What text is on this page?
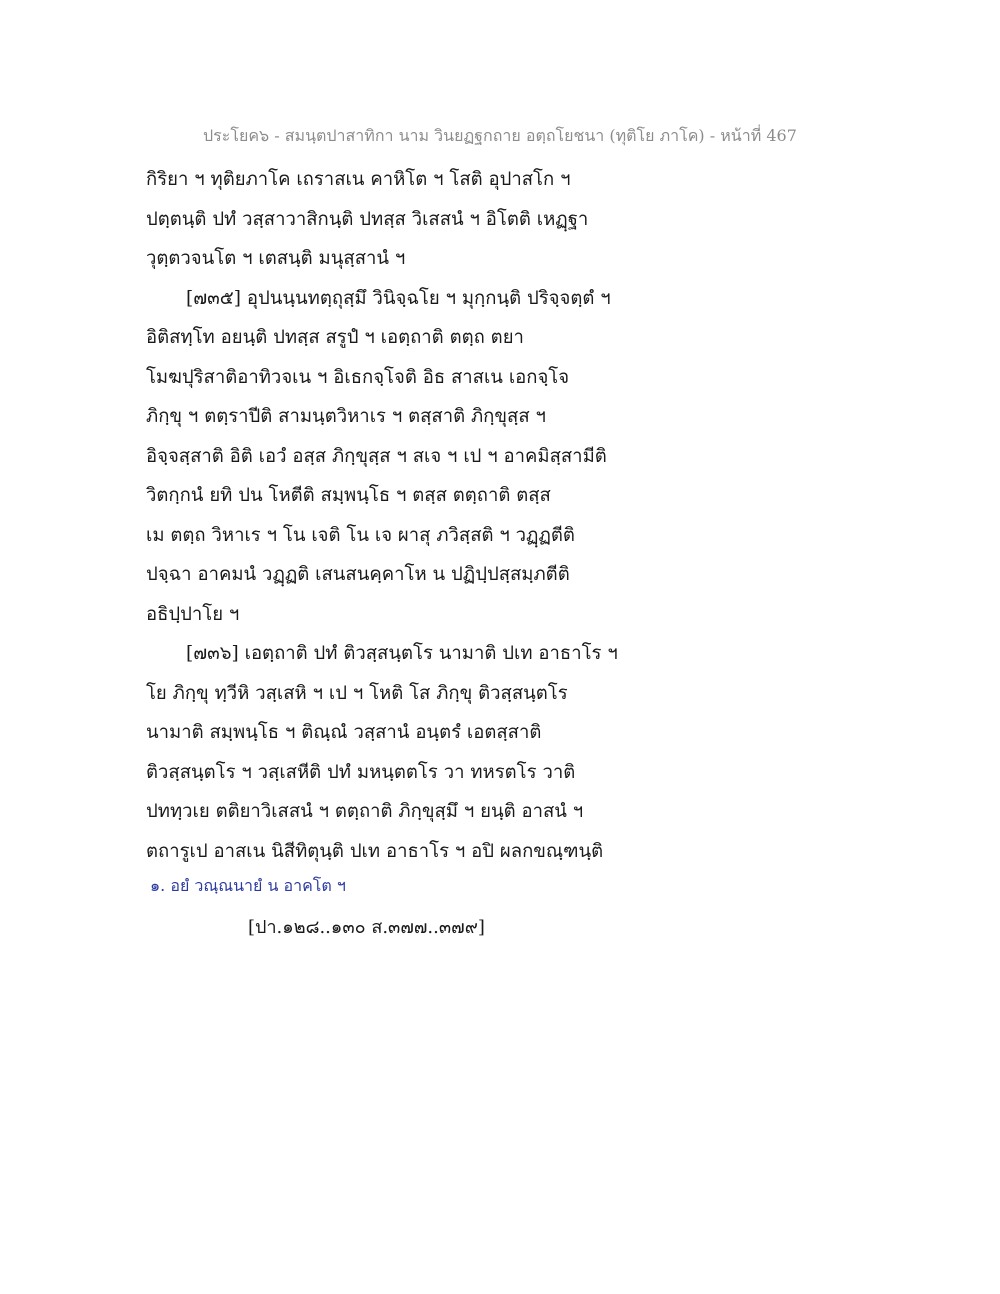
ประโยค๖ - สมนฺตปาสาทิกา นาม วินยฏฐกถาย อตฺถโยชนา (ทุติโย ภาโค) - หน้าที่ 467
กิริยา ฯ ทุติยภาโค เถราสเน คาหิโต ฯ โสติ อุปาสโก ฯ
ปตฺตนฺติ ปทํ วสฺสาวาสิกนฺติ ปทสฺส วิเสสนํ ฯ อิโตติ เหฏฺฐา
วุตฺตวจนโต ฯ เตสนฺติ มนุสฺสานํ ฯ
[๗๓๕] อุปนนฺนทตฺถุสฺมึ วินิจฺฉโย ฯ มุกฺกนฺติ ปริจฺจตฺตํ ฯ
อิติสทฺโท อยนฺติ ปทสฺส สรูปํ ฯ เอตฺถาติ ตตฺถ ตยา
โมฆปุริสาติอาทิวจเน ฯ อิเธกจฺโจติ อิธ สาสเน เอกจฺโจ
ภิกฺขุ ฯ ตตฺราปีติ สามนฺตวิหาเร ฯ ตสฺสาติ ภิกฺขุสฺส ฯ
อิจฺจสฺสาติ อิติ เอวํ อสฺส ภิกฺขุสฺส ฯ สเจ ฯ เป ฯ อาคมิสฺสามีติ
วิตกฺกนํ ยทิ ปน โหตีติ สมฺพนฺโธ ฯ ตสฺส ตตฺถาติ ตสฺส
เม ตตฺถ วิหาเร ฯ โน เจติ โน เจ ผาสุ ภวิสฺสติ ฯ วฏฺฏตีติ
ปจฺฉา อาคมนํ วฏฺฏติ เสนสนคฺคาโห น ปฏิปฺปสฺสมฺภตีติ
อธิปฺปาโย ฯ
[๗๓๖] เอตฺถาติ ปทํ ติวสฺสนฺตโร นามาติ ปเท อาธาโร ฯ
โย ภิกฺขุ ทฺวีหิ วสฺเสหิ ฯ เป ฯ โหติ โส ภิกฺขุ ติวสฺสนฺตโร
นามาติ สมฺพนฺโธ ฯ ติณฺณํ วสฺสานํ อนฺตรํ เอตสฺสาติ
ติวสฺสนฺตโร ฯ วสฺเสหีติ ปทํ มหนฺตตโร วา ทหรตโร วาติ
ปททฺวเย ตติยาวิเสสนํ ฯ ตตฺถาติ ภิกฺขุสฺมึ ฯ ยนฺติ อาสนํ ฯ
ตถารูเป อาสเน นิสีทิตุนฺติ ปเท อาธาโร ฯ อปิ ผลกขณฺฑนฺติ
๑. อยํ วณฺณนายํ น อาคโต ฯ
[ปา.๑๒๘..๑๓๐ ส.๓๗๗..๓๗๙]
